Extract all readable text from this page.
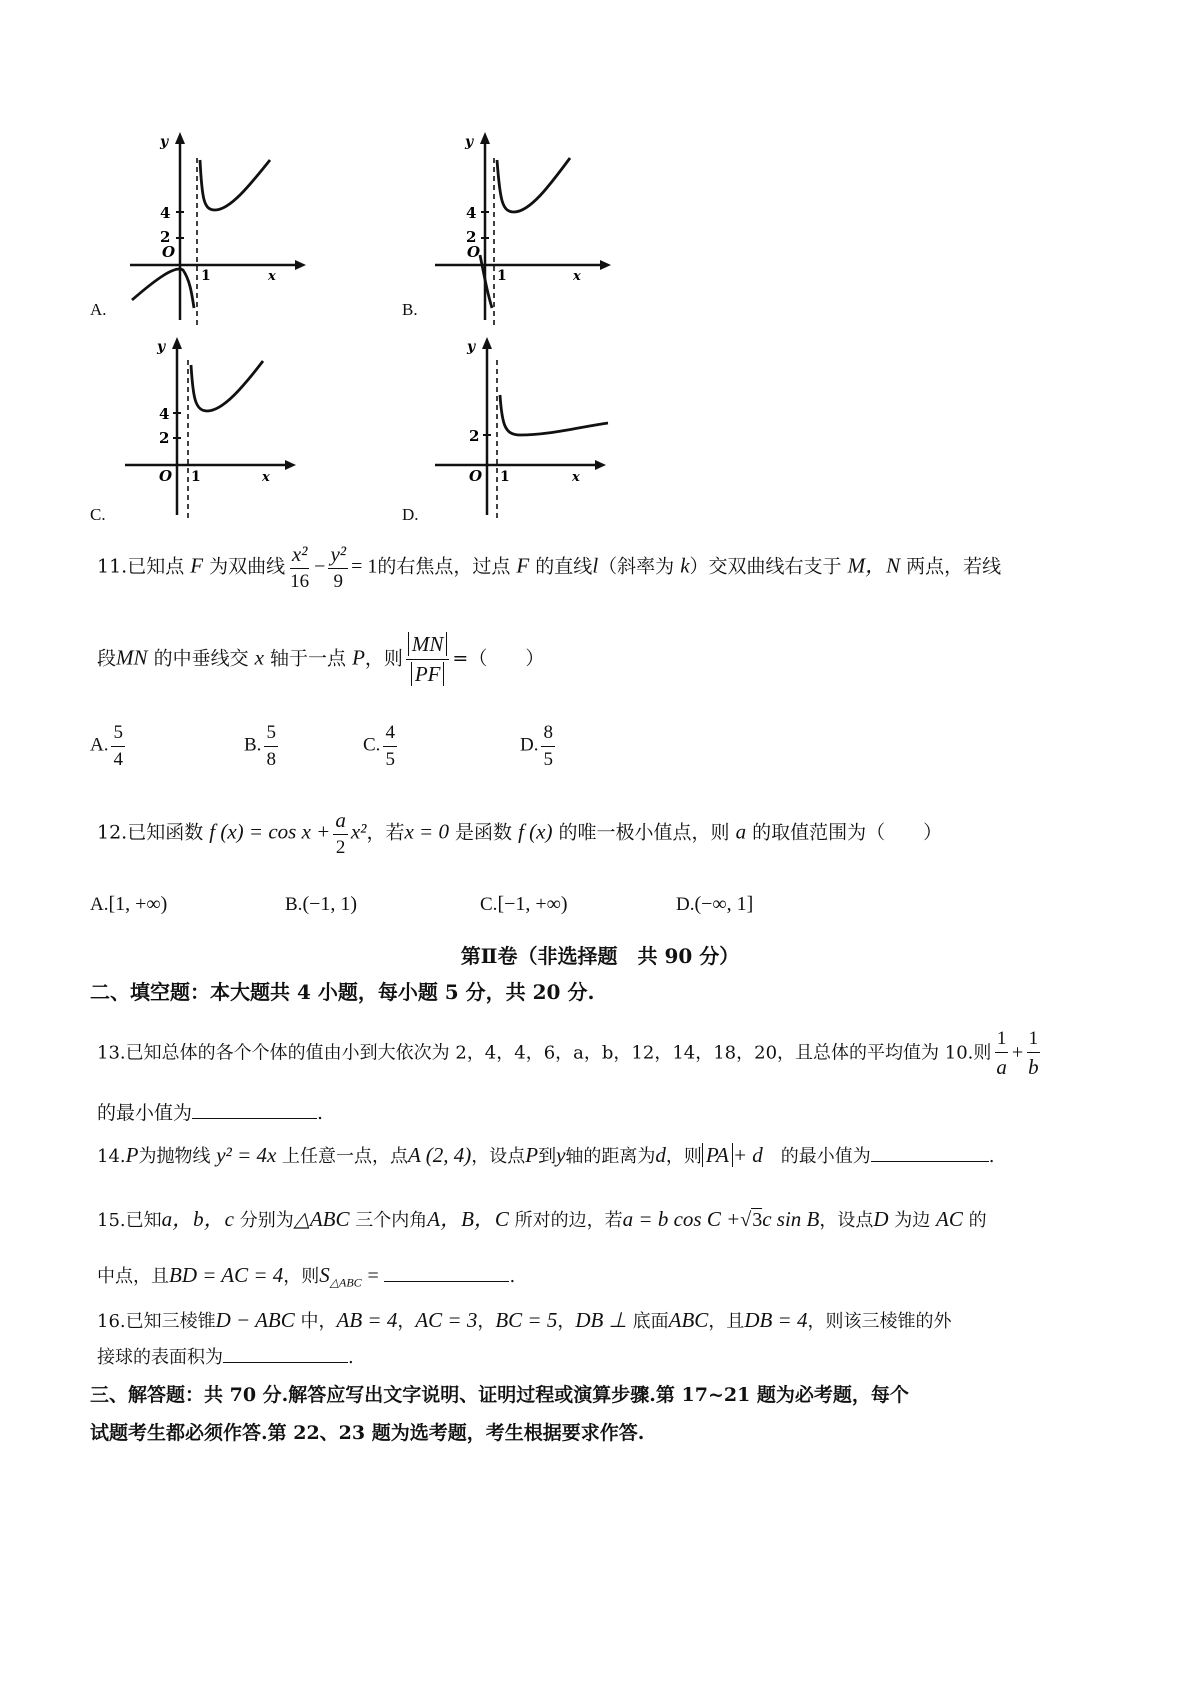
y
4
2
O
1	x
A.
y
4
2
O
1	x
B.
y
4
2
O 1	x
C.
y
2
O 1	x
D.
11.已知点 F 为双曲线 $\frac{\text{x²}}{16} - \frac{\text{y²}}{9} = 1$的右焦点，过点 F 的直线l（斜率为 k）交双曲线右支于 M，N 两点，若线
段MN 的中垂线交 x 轴于一点 P，则 $\frac{MN}{PF}$ =（　　）
A. $\frac{5}{4}$	B. $\frac{5}{8}$	C. $\frac{4}{5}$	D. $\frac{8}{5}$
12.已知函数 f $(x) = \cos x + \frac{a}{2} x^2$，若x = 0 是函数 f (x) 的唯一极小值点，则 a 的取值范围为（　　）
A.[1, +∞)	B.(−1, 1)	C.[−1, +∞)	D.(−∞, 1]
第Ⅱ卷（非选择题　共 90 分）
二、填空题：本大题共 4 小题，每小题 5 分，共 20 分.
13.已知总体的各个个体的值由小到大依次为 2，4，4，6，a，b，12，14，18，20，且总体的平均值为 10.则 $\frac{1}{a} + \frac{1}{b}$
的最小值为	.
14.P为抛物线 y² = 4x 上任意一点，点A (2, 4)，设点P到y轴的距离为d，则 PA + d　 的最小值为	.
15.已知a，b，c 分别为△ABC 三个内角A，B，C 所对的边，若a = b cos C +√3c sin B，设点D 为边 AC 的
中点，且BD = AC = 4，则$S_{\triangle ABC}$ =	.
16.已知三棱锥D − ABC 中，AB = 4，AC = 3，BC = 5，DB ⊥ 底面ABC，且DB = 4，则该三棱锥的外
接球的表面积为	.
三、解答题：共 70 分.解答应写出文字说明、证明过程或演算步骤.第 17~21 题为必考题，每个
试题考生都必须作答.第 22、23 题为选考题，考生根据要求作答.
